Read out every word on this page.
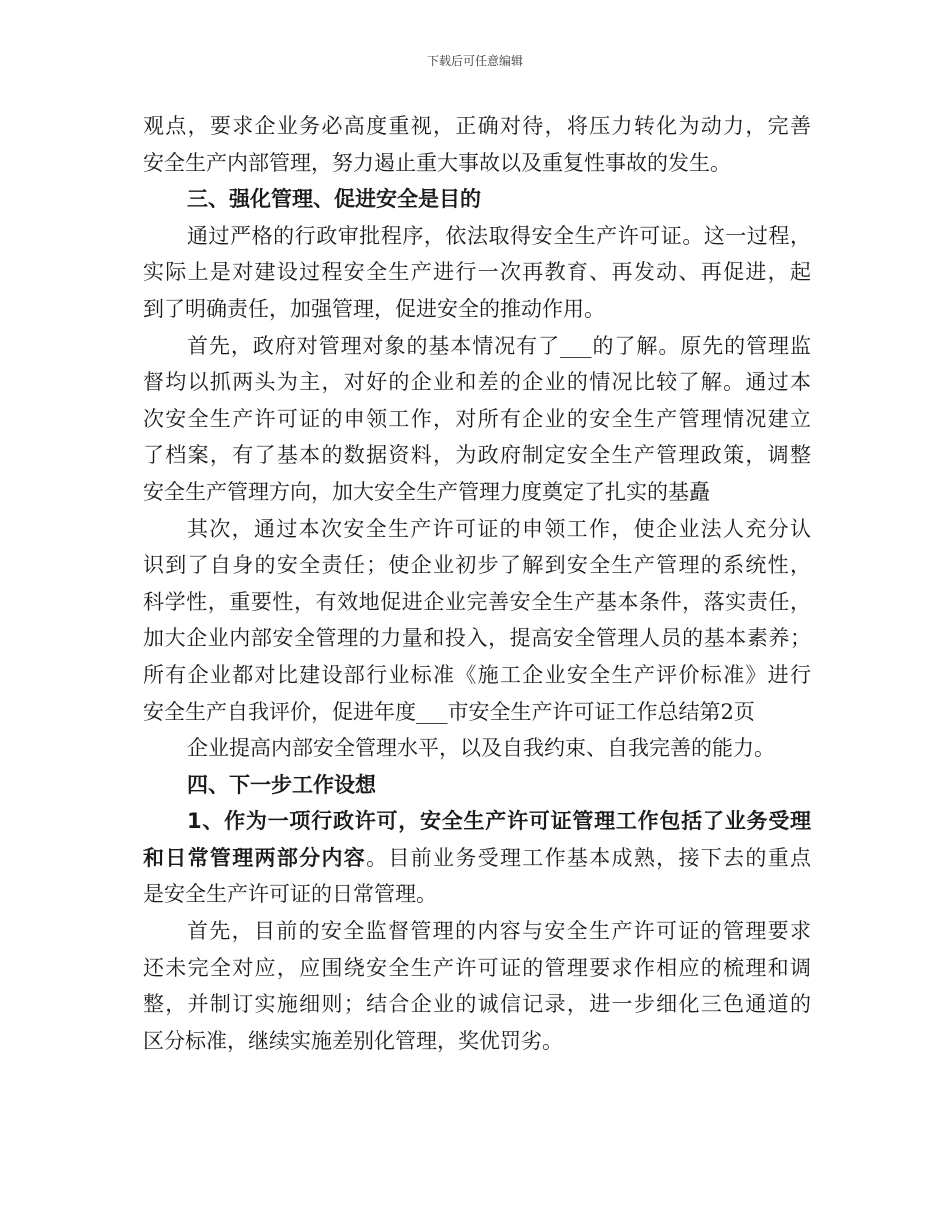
下载后可任意编辑
观点，要求企业务必高度重视，正确对待，将压力转化为动力，完善
安全生产内部管理，努力遏止重大事故以及重复性事故的发生。
三、强化管理、促进安全是目的
通过严格的行政审批程序，依法取得安全生产许可证。这一过程，
实际上是对建设过程安全生产进行一次再教育、再发动、再促进，起
到了明确责任，加强管理，促进安全的推动作用。
首先，政府对管理对象的基本情况有了___的了解。原先的管理监
督均以抓两头为主，对好的企业和差的企业的情况比较了解。通过本
次安全生产许可证的申领工作，对所有企业的安全生产管理情况建立
了档案，有了基本的数据资料，为政府制定安全生产管理政策，调整
安全生产管理方向，加大安全生产管理力度奠定了扎实的基矗
其次，通过本次安全生产许可证的申领工作，使企业法人充分认
识到了自身的安全责任；使企业初步了解到安全生产管理的系统性，
科学性，重要性，有效地促进企业完善安全生产基本条件，落实责任，
加大企业内部安全管理的力量和投入，提高安全管理人员的基本素养；
所有企业都对比建设部行业标准《施工企业安全生产评价标准》进行
安全生产自我评价，促进年度___市安全生产许可证工作总结第2页
企业提高内部安全管理水平，以及自我约束、自我完善的能力。
四、下一步工作设想
1、作为一项行政许可，安全生产许可证管理工作包括了业务受理
和日常管理两部分内容。目前业务受理工作基本成熟，接下去的重点
是安全生产许可证的日常管理。
首先，目前的安全监督管理的内容与安全生产许可证的管理要求
还未完全对应，应围绕安全生产许可证的管理要求作相应的梳理和调
整，并制订实施细则；结合企业的诚信记录，进一步细化三色通道的
区分标准，继续实施差别化管理，奖优罚劣。
